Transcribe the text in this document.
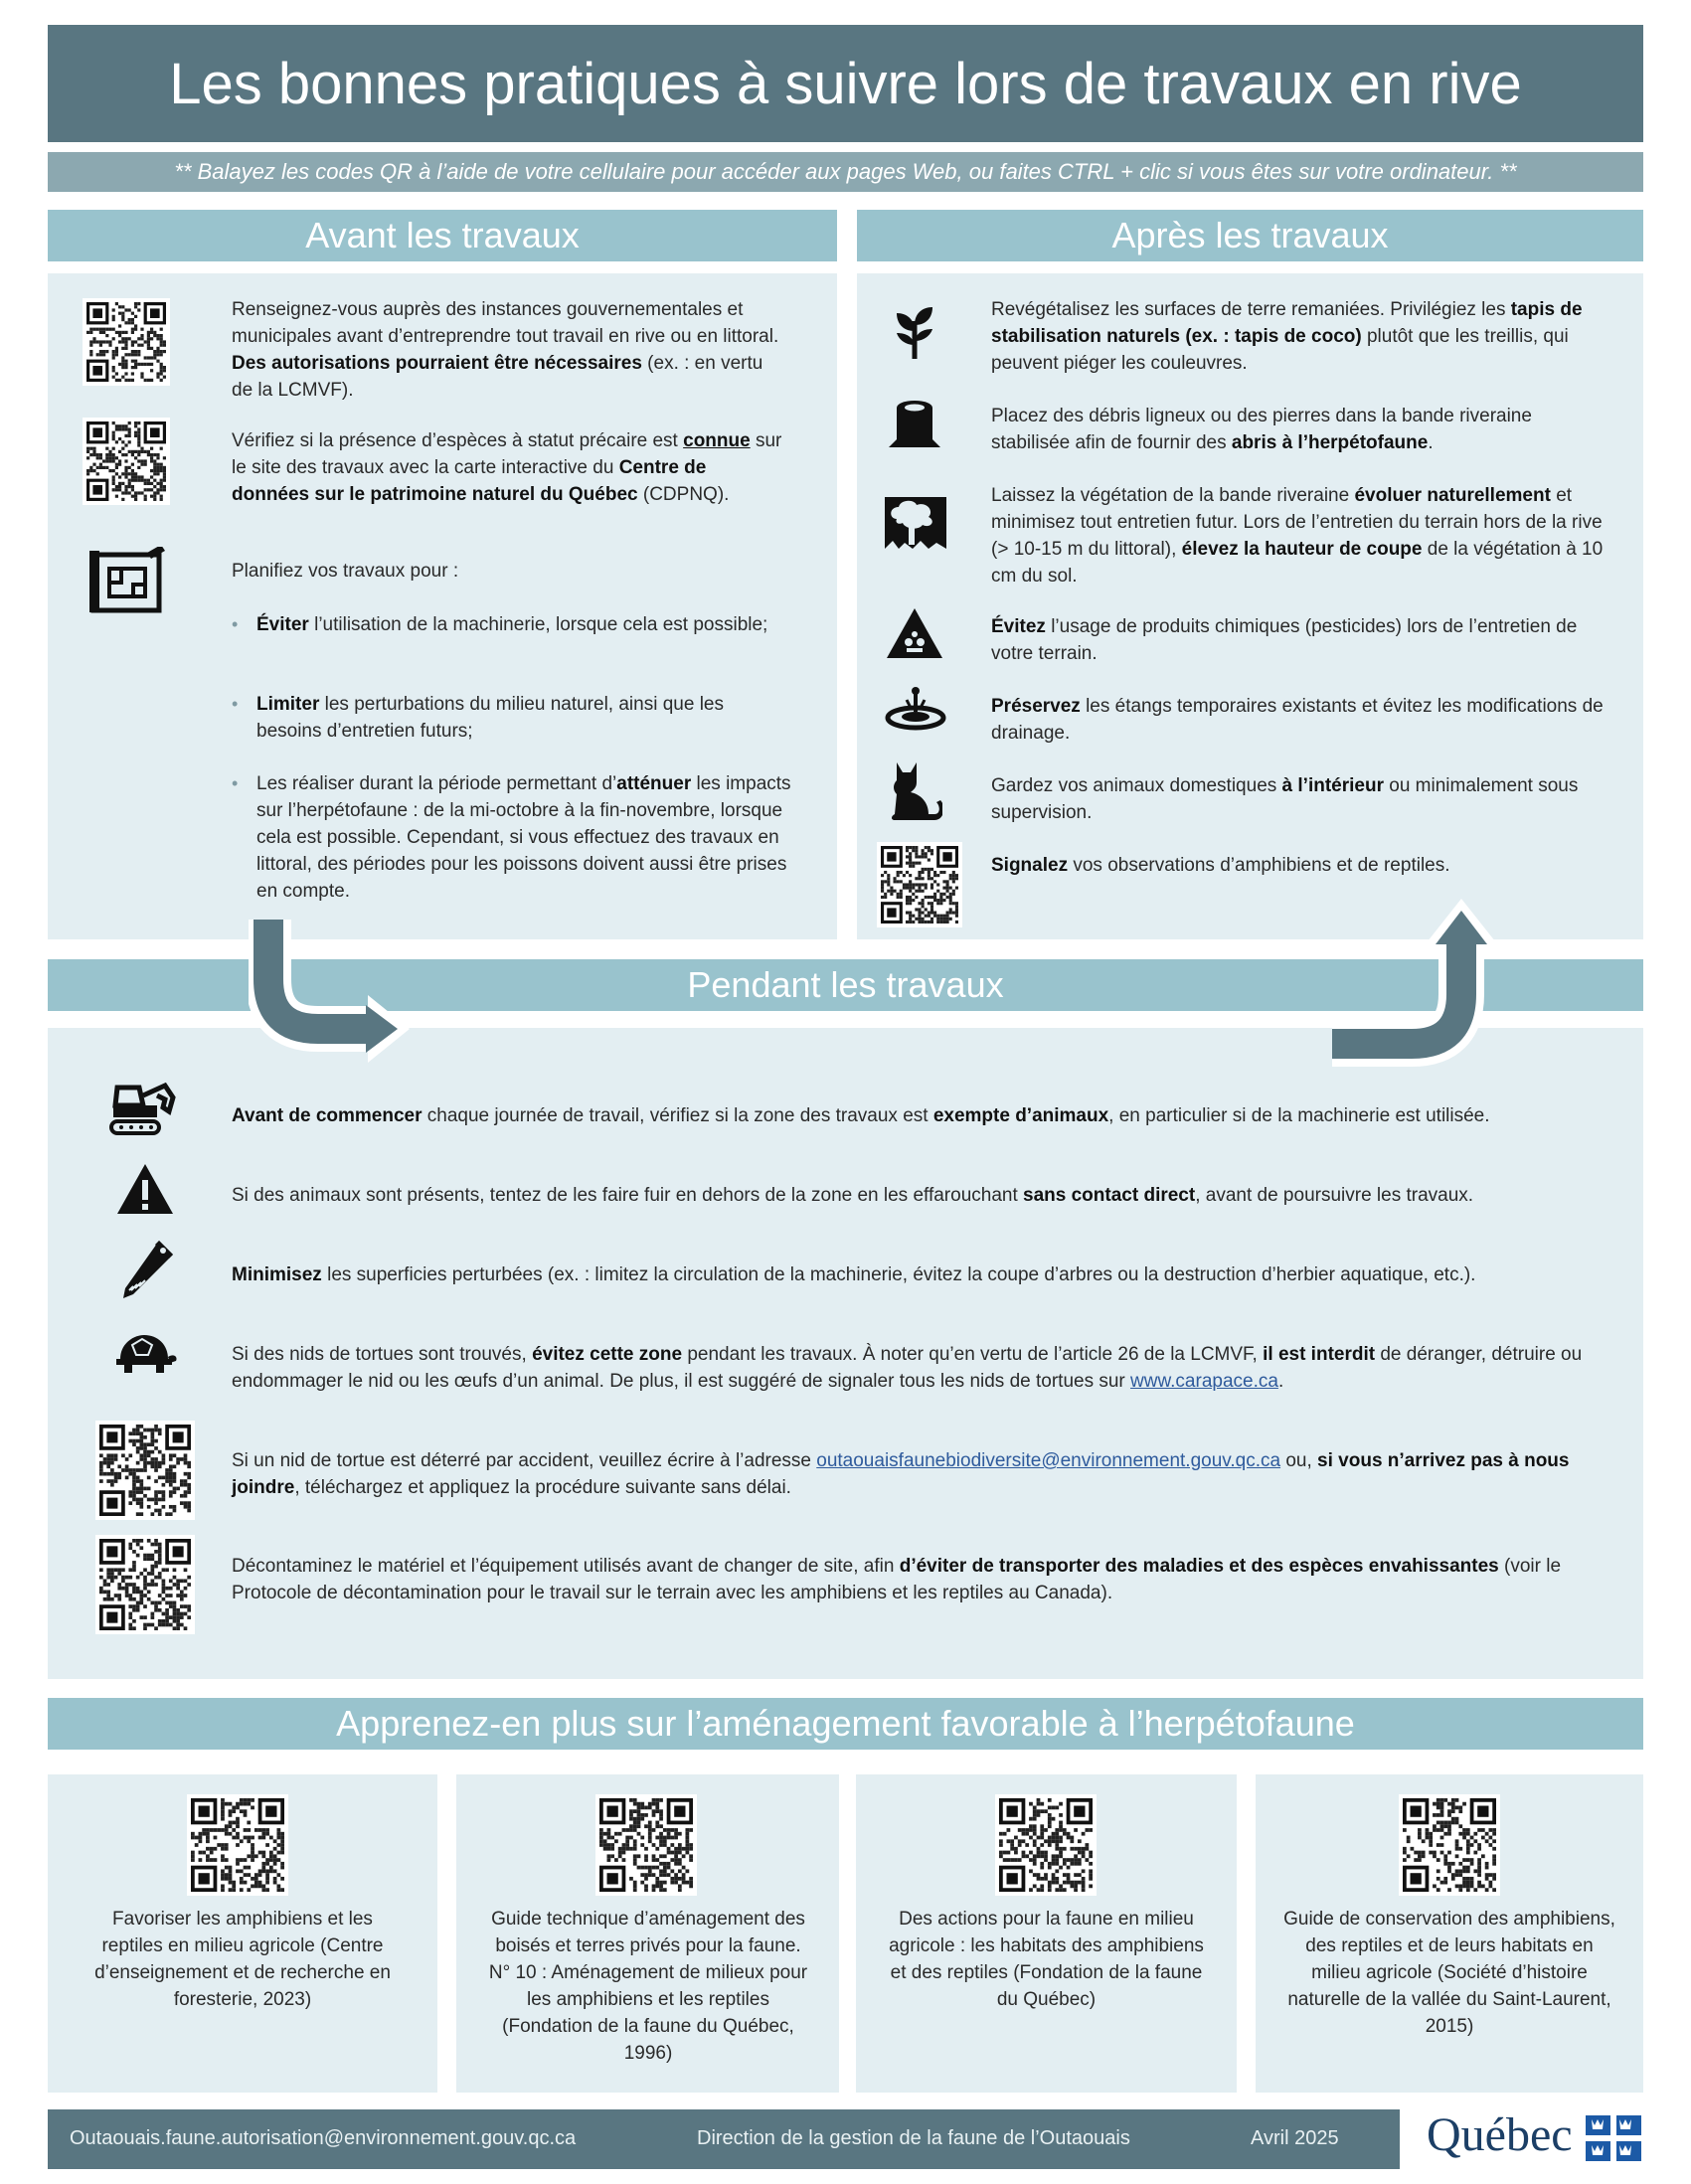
Les bonnes pratiques à suivre lors de travaux en rive
** Balayez les codes QR à l’aide de votre cellulaire pour accéder aux pages Web, ou faites CTRL + clic si vous êtes sur votre ordinateur. **
Avant les travaux	Après les travaux
Renseignez-vous auprès des instances gouvernementales et municipales avant d’entreprendre tout travail en rive ou en littoral. Des autorisations pourraient être nécessaires (ex. : en vertu de la LCMVF).
Vérifiez si la présence d’espèces à statut précaire est connue sur le site des travaux avec la carte interactive du Centre de données sur le patrimoine naturel du Québec (CDPNQ).
Planifiez vos travaux pour :
• Éviter l’utilisation de la machinerie, lorsque cela est possible;
• Limiter les perturbations du milieu naturel, ainsi que les besoins d’entretien futurs;
• Les réaliser durant la période permettant d’atténuer les impacts sur l’herpétofaune : de la mi-octobre à la fin-novembre, lorsque cela est possible. Cependant, si vous effectuez des travaux en littoral, des périodes pour les poissons doivent aussi être prises en compte.
Revégétalisez les surfaces de terre remaniées. Privilégiez les tapis de stabilisation naturels (ex. : tapis de coco) plutôt que les treillis, qui peuvent piéger les couleuvres.
Placez des débris ligneux ou des pierres dans la bande riveraine stabilisée afin de fournir des abris à l’herpétofaune.
Laissez la végétation de la bande riveraine évoluer naturellement et minimisez tout entretien futur. Lors de l’entretien du terrain hors de la rive (> 10-15 m du littoral), élevez la hauteur de coupe de la végétation à 10 cm du sol.
Évitez l’usage de produits chimiques (pesticides) lors de l’entretien de votre terrain.
Préservez les étangs temporaires existants et évitez les modifications de drainage.
Gardez vos animaux domestiques à l’intérieur ou minimalement sous supervision.
Signalez vos observations d’amphibiens et de reptiles.
Pendant les travaux
Avant de commencer chaque journée de travail, vérifiez si la zone des travaux est exempte d’animaux, en particulier si de la machinerie est utilisée.
Si des animaux sont présents, tentez de les faire fuir en dehors de la zone en les effarouchant sans contact direct, avant de poursuivre les travaux.
Minimisez les superficies perturbées (ex. : limitez la circulation de la machinerie, évitez la coupe d’arbres ou la destruction d’herbier aquatique, etc.).
Si des nids de tortues sont trouvés, évitez cette zone pendant les travaux. À noter qu’en vertu de l’article 26 de la LCMVF, il est interdit de déranger, détruire ou endommager le nid ou les œufs d’un animal. De plus, il est suggéré de signaler tous les nids de tortues sur www.carapace.ca.
Si un nid de tortue est déterré par accident, veuillez écrire à l’adresse outaouaisfaunebiodiversite@environnement.gouv.qc.ca ou, si vous n’arrivez pas à nous joindre, téléchargez et appliquez la procédure suivante sans délai.
Décontaminez le matériel et l’équipement utilisés avant de changer de site, afin d’éviter de transporter des maladies et des espèces envahissantes (voir le Protocole de décontamination pour le travail sur le terrain avec les amphibiens et les reptiles au Canada).
Apprenez-en plus sur l’aménagement favorable à l’herpétofaune
Favoriser les amphibiens et les reptiles en milieu agricole (Centre d’enseignement et de recherche en foresterie, 2023)
Guide technique d’aménagement des boisés et terres privés pour la faune. N° 10 : Aménagement de milieux pour les amphibiens et les reptiles (Fondation de la faune du Québec, 1996)
Des actions pour la faune en milieu agricole : les habitats des amphibiens et des reptiles (Fondation de la faune du Québec)
Guide de conservation des amphibiens, des reptiles et de leurs habitats en milieu agricole (Société d’histoire naturelle de la vallée du Saint-Laurent, 2015)
Outaouais.faune.autorisation@environnement.gouv.qc.ca	Direction de la gestion de la faune de l’Outaouais	Avril 2025 Québec
